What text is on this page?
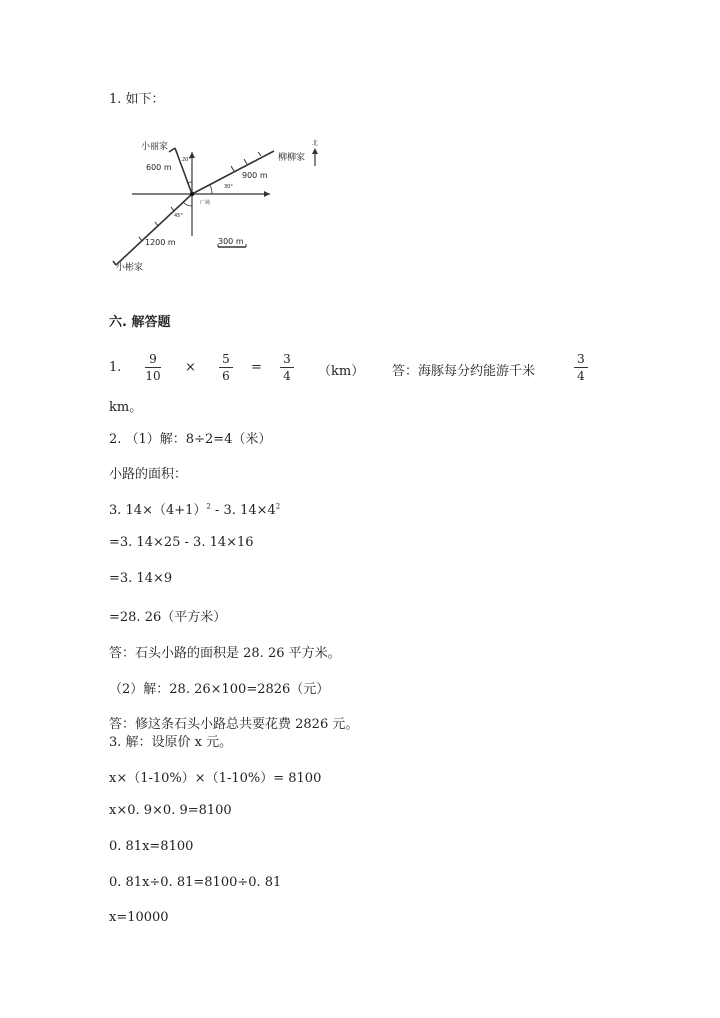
1. 如下：
小丽家
600 m
20°	柳柳家
北
900 m
30°
广场
45°
1200 m	300 m
小彬家
六. 解答题
1.
9
10
×
5
6
=
3
4 （km） 答：海豚每分约能游千米
3
4
km。
2. （1）解：8÷2=4（米）
小路的面积：
3. $14\times(4+1)^2 - 3$. $14\times 4^2$
=3. 14×25 - 3. 14×16
=3. 14×9
=28. 26（平方米）
答：石头小路的面积是 28. 26 平方米。
（2）解：28. 26×100=2826（元）
答：修这条石头小路总共要花费 2826 元。
3. 解：设原价 x 元。
x×（1-10%）×（1-10%）= 8100
x×0. 9×0. 9=8100
0. 81x=8100
0. 81x÷0. 81=8100÷0. 81
x=10000
